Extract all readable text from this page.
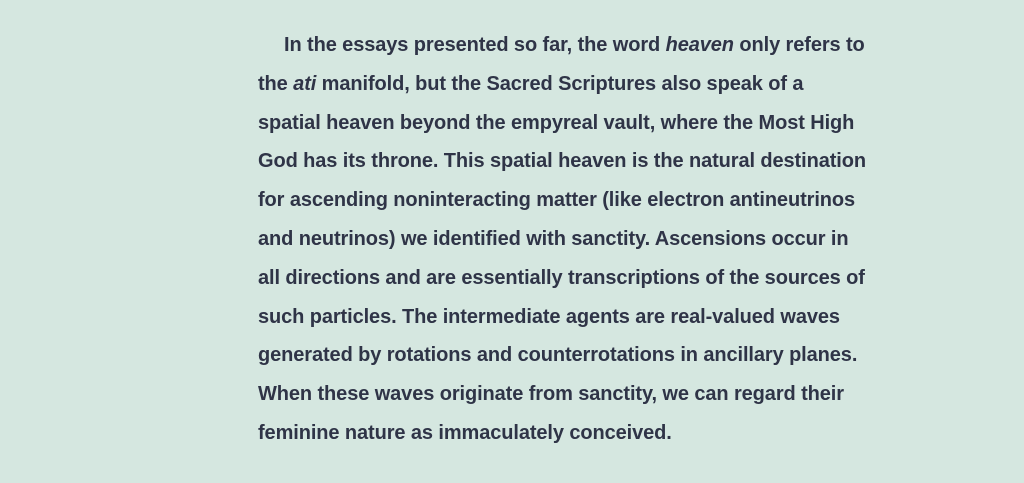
In the essays presented so far, the word heaven only refers to
the ati manifold, but the Sacred Scriptures also speak of a
spatial heaven beyond the empyreal vault, where the Most High
God has its throne. This spatial heaven is the natural destination
for ascending noninteracting matter (like electron antineutrinos
and neutrinos) we identified with sanctity. Ascensions occur in
all directions and are essentially transcriptions of the sources of
such particles. The intermediate agents are real-valued waves
generated by rotations and counterrotations in ancillary planes.
When these waves originate from sanctity, we can regard their
feminine nature as immaculately conceived.
